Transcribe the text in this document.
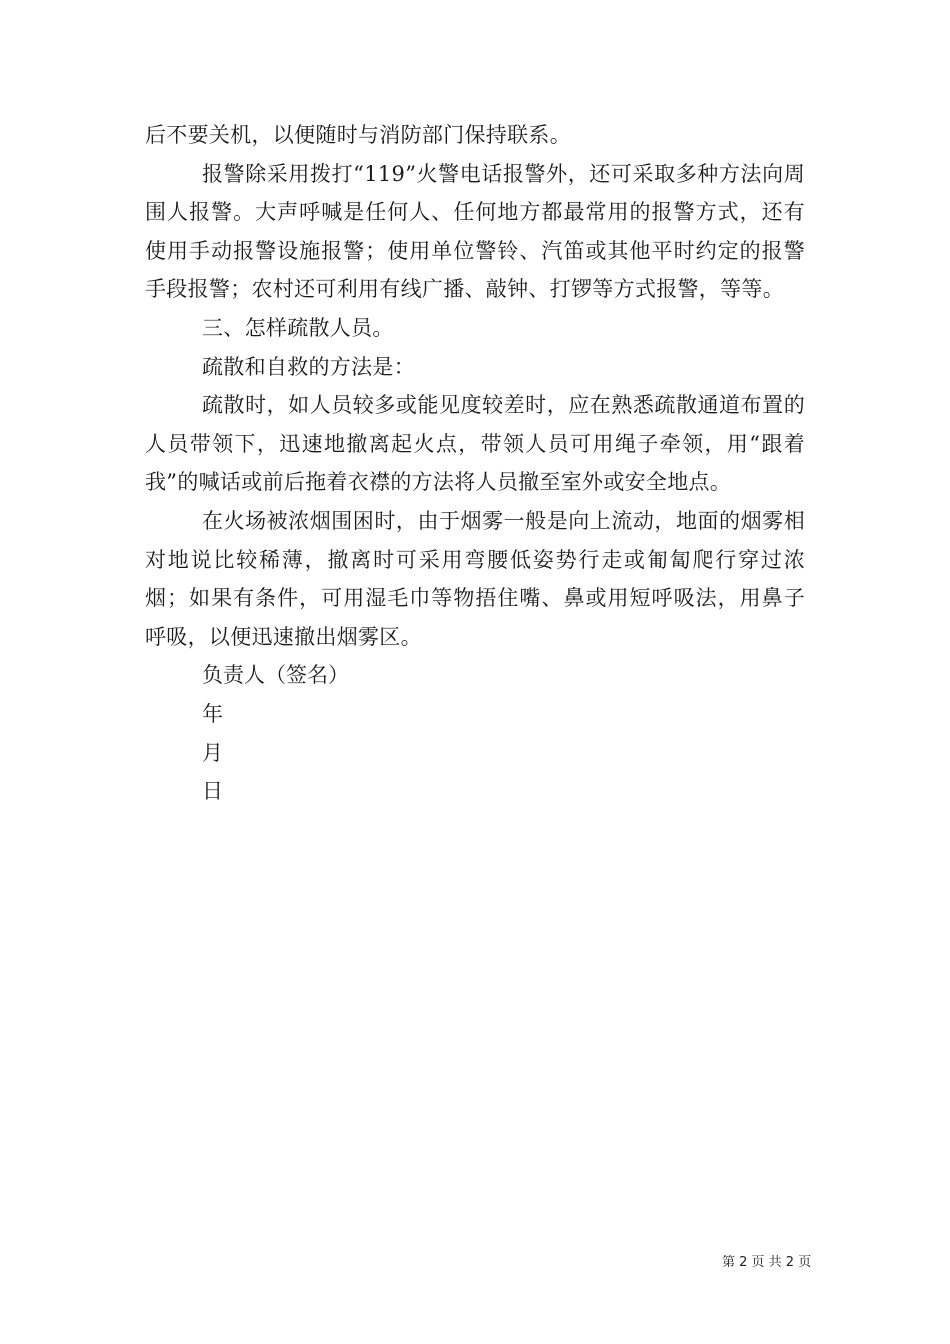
后不要关机，以便随时与消防部门保持联系。

报警除采用拨打“119”火警电话报警外，还可采取多种方法向周围人报警。大声呼喊是任何人、任何地方都最常用的报警方式，还有使用手动报警设施报警；使用单位警铃、汽笛或其他平时约定的报警手段报警；农村还可利用有线广播、敲钟、打锣等方式报警，等等。

三、怎样疏散人员。

疏散和自救的方法是：

疏散时，如人员较多或能见度较差时，应在熟悉疏散通道布置的人员带领下，迅速地撤离起火点，带领人员可用绳子牵领，用“跟着我”的喊话或前后拖着衣襟的方法将人员撤至室外或安全地点。

在火场被浓烟围困时，由于烟雾一般是向上流动，地面的烟雾相对地说比较稀薄，撤离时可采用弯腰低姿势行走或匍匐爬行穿过浓烟；如果有条件，可用湿毛巾等物捂住嘴、鼻或用短呼吸法，用鼻子呼吸，以便迅速撤出烟雾区。

负责人（签名）

年

月

日

第 2 页 共 2 页
